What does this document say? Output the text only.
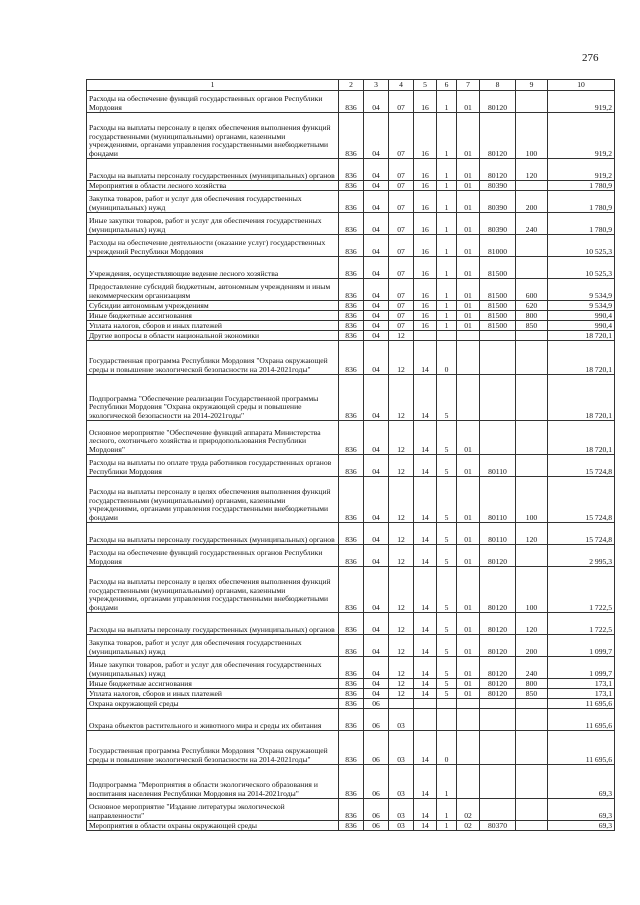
276
1	2	3	4	5	6	7	8	9	10
Расходы на обеспечение функций государственных органов Республики Мордовия	836	04	07	16	1	01	80120		919,2
Расходы на выплаты персоналу в целях обеспечения выполнения функций государственными (муниципальными) органами, казенными учреждениями, органами управления государственными внебюджетными фондами	836	04	07	16	1	01	80120	100	919,2
Расходы на выплаты персоналу государственных (муниципальных) органов	836	04	07	16	1	01	80120	120	919,2
Мероприятия в области лесного хозяйства	836	04	07	16	1	01	80390		1 780,9
Закупка товаров, работ и услуг для обеспечения государственных (муниципальных) нужд	836	04	07	16	1	01	80390	200	1 780,9
Иные закупки товаров, работ и услуг для обеспечения государственных (муниципальных) нужд	836	04	07	16	1	01	80390	240	1 780,9
Расходы на обеспечение деятельности (оказание услуг) государственных учреждений Республики Мордовия	836	04	07	16	1	01	81000		10 525,3
Учреждения, осуществляющие ведение лесного хозяйства	836	04	07	16	1	01	81500		10 525,3
Предоставление субсидий бюджетным, автономным учреждениям и иным некоммерческим организациям	836	04	07	16	1	01	81500	600	9 534,9
Субсидии автономным учреждениям	836	04	07	16	1	01	81500	620	9 534,9
Иные бюджетные ассигнования	836	04	07	16	1	01	81500	800	990,4
Уплата налогов, сборов и иных платежей	836	04	07	16	1	01	81500	850	990,4
Другие вопросы в области национальной экономики	836	04	12						18 720,1
Государственная программа Республики Мордовия "Охрана окружающей среды и повышение экологической безопасности на 2014-2021годы"	836	04	12	14	0				18 720,1
Подпрограмма "Обеспечение реализации Государственной программы Республики Мордовия "Охрана окружающей среды и повышение экологической безопасности на 2014-2021годы"	836	04	12	14	5				18 720,1
Основное мероприятие "Обеспечение функций аппарата Министерства лесного, охотничьего хозяйства и природопользования Республики Мордовия"	836	04	12	14	5	01			18 720,1
Расходы на выплаты по оплате труда работников государственных органов Республики Мордовия	836	04	12	14	5	01	80110		15 724,8
Расходы на выплаты персоналу в целях обеспечения выполнения функций государственными (муниципальными) органами, казенными учреждениями, органами управления государственными внебюджетными фондами	836	04	12	14	5	01	80110	100	15 724,8
Расходы на выплаты персоналу государственных (муниципальных) органов	836	04	12	14	5	01	80110	120	15 724,8
Расходы на обеспечение функций государственных органов Республики Мордовия	836	04	12	14	5	01	80120		2 995,3
Расходы на выплаты персоналу в целях обеспечения выполнения функций государственными (муниципальными) органами, казенными учреждениями, органами управления государственными внебюджетными фондами	836	04	12	14	5	01	80120	100	1 722,5
Расходы на выплаты персоналу государственных (муниципальных) органов	836	04	12	14	5	01	80120	120	1 722,5
Закупка товаров, работ и услуг для обеспечения государственных (муниципальных) нужд	836	04	12	14	5	01	80120	200	1 099,7
Иные закупки товаров, работ и услуг для обеспечения государственных (муниципальных) нужд	836	04	12	14	5	01	80120	240	1 099,7
Иные бюджетные ассигнования	836	04	12	14	5	01	80120	800	173,1
Уплата налогов, сборов и иных платежей	836	04	12	14	5	01	80120	850	173,1
Охрана окружающей среды	836	06							11 695,6
Охрана объектов растительного и животного мира и среды их обитания	836	06	03						11 695,6
Государственная программа Республики Мордовия "Охрана окружающей среды и повышение экологической безопасности на 2014-2021годы"	836	06	03	14	0				11 695,6
Подпрограмма "Мероприятия в области экологического образования и воспитания населения Республики Мордовия на 2014-2021годы"	836	06	03	14	1				69,3
Основное мероприятие "Издание литературы экологической направленности"	836	06	03	14	1	02			69,3
Мероприятия в области охраны окружающей среды	836	06	03	14	1	02	80370		69,3
